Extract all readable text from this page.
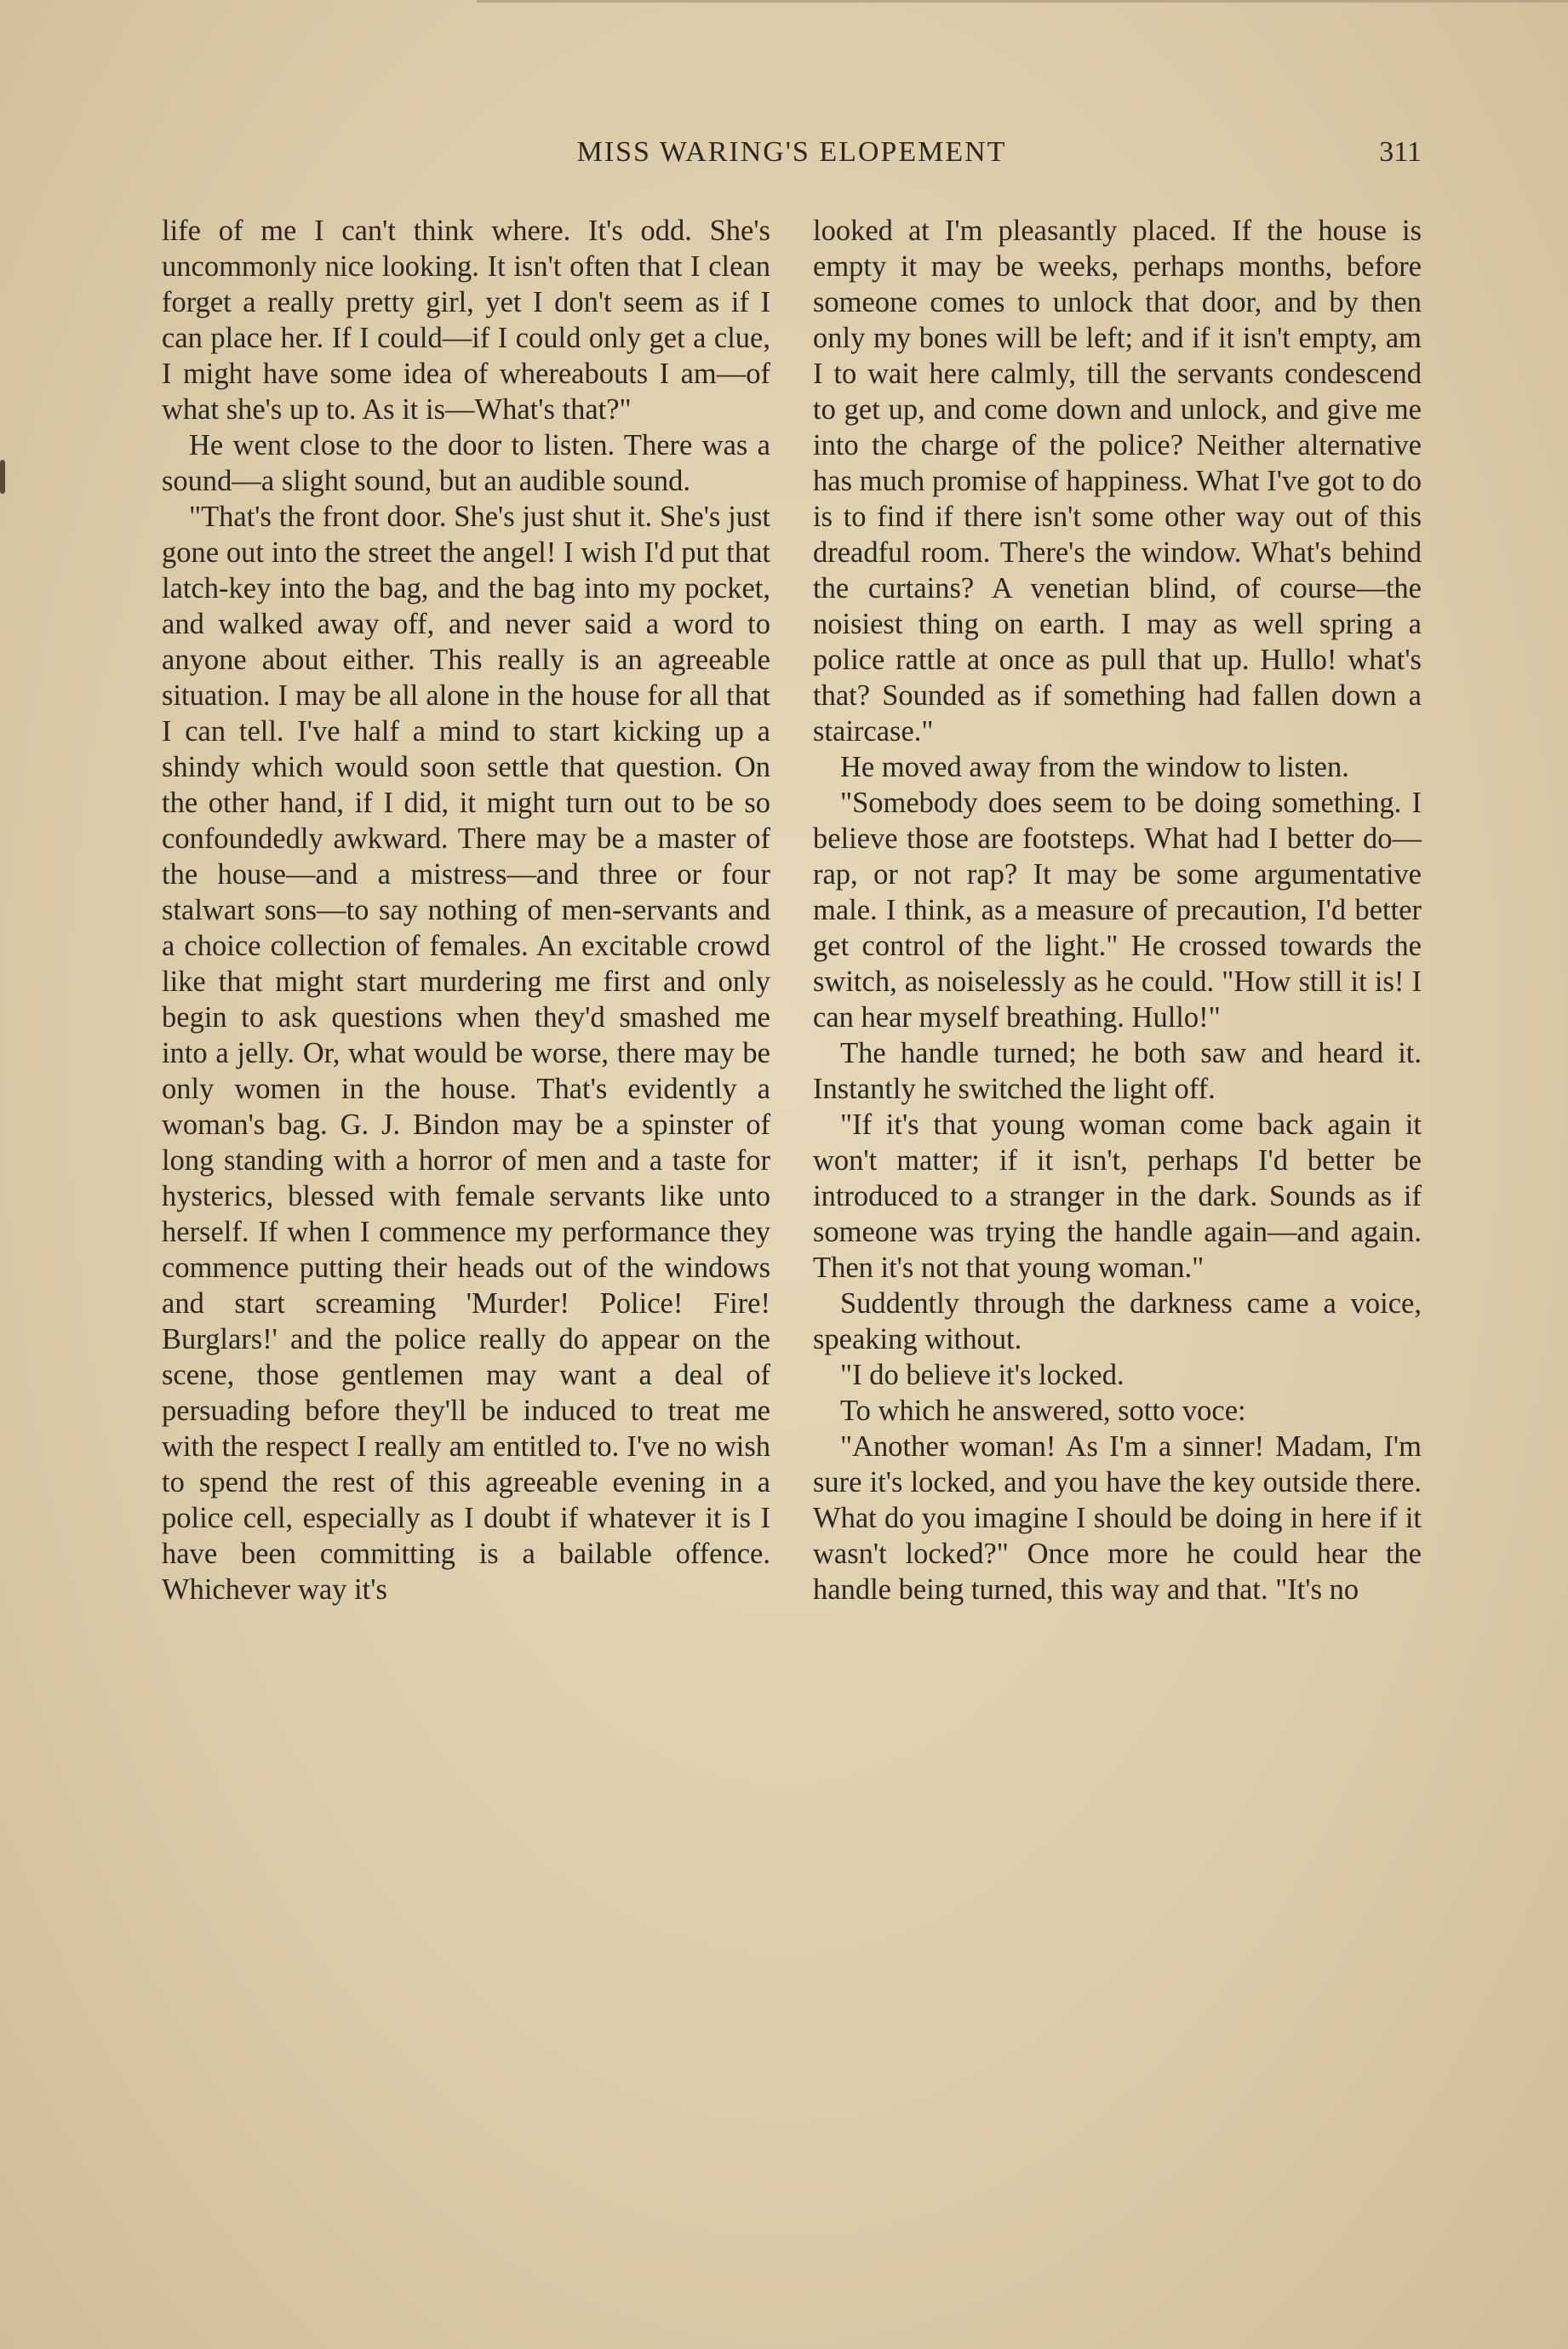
MISS WARING'S ELOPEMENT	311

life of me I can't think where. It's odd. She's uncommonly nice looking. It isn't often that I clean forget a really pretty girl, yet I don't seem as if I can place her. If I could—if I could only get a clue, I might have some idea of whereabouts I am—of what she's up to. As it is—What's that?"

He went close to the door to listen. There was a sound—a slight sound, but an audible sound.

"That's the front door. She's just shut it. She's just gone out into the street the angel! I wish I'd put that latch-key into the bag, and the bag into my pocket, and walked away off, and never said a word to anyone about either. This really is an agreeable situation. I may be all alone in the house for all that I can tell. I've half a mind to start kicking up a shindy which would soon settle that question. On the other hand, if I did, it might turn out to be so confoundedly awkward. There may be a master of the house—and a mistress—and three or four stalwart sons—to say nothing of men-servants and a choice collection of females. An excitable crowd like that might start murdering me first and only begin to ask questions when they'd smashed me into a jelly. Or, what would be worse, there may be only women in the house. That's evidently a woman's bag. G. J. Bindon may be a spinster of long standing with a horror of men and a taste for hysterics, blessed with female servants like unto herself. If when I commence my performance they commence putting their heads out of the windows and start screaming 'Murder! Police! Fire! Burglars!' and the police really do appear on the scene, those gentlemen may want a deal of persuading before they'll be induced to treat me with the respect I really am entitled to. I've no wish to spend the rest of this agreeable evening in a police cell, especially as I doubt if whatever it is I have been committing is a bailable offence. Whichever way it's

looked at I'm pleasantly placed. If the house is empty it may be weeks, perhaps months, before someone comes to unlock that door, and by then only my bones will be left; and if it isn't empty, am I to wait here calmly, till the servants condescend to get up, and come down and unlock, and give me into the charge of the police? Neither alternative has much promise of happiness. What I've got to do is to find if there isn't some other way out of this dreadful room. There's the window. What's behind the curtains? A venetian blind, of course—the noisiest thing on earth. I may as well spring a police rattle at once as pull that up. Hullo! what's that? Sounded as if something had fallen down a staircase."

He moved away from the window to listen.

"Somebody does seem to be doing something. I believe those are footsteps. What had I better do—rap, or not rap? It may be some argumentative male. I think, as a measure of precaution, I'd better get control of the light." He crossed towards the switch, as noiselessly as he could. "How still it is! I can hear myself breathing. Hullo!"

The handle turned; he both saw and heard it. Instantly he switched the light off.

"If it's that young woman come back again it won't matter; if it isn't, perhaps I'd better be introduced to a stranger in the dark. Sounds as if someone was trying the handle again—and again. Then it's not that young woman."

Suddently through the darkness came a voice, speaking without.

"I do believe it's locked.

To which he answered, sotto voce:

"Another woman! As I'm a sinner! Madam, I'm sure it's locked, and you have the key outside there. What do you imagine I should be doing in here if it wasn't locked?" Once more he could hear the handle being turned, this way and that. "It's no
